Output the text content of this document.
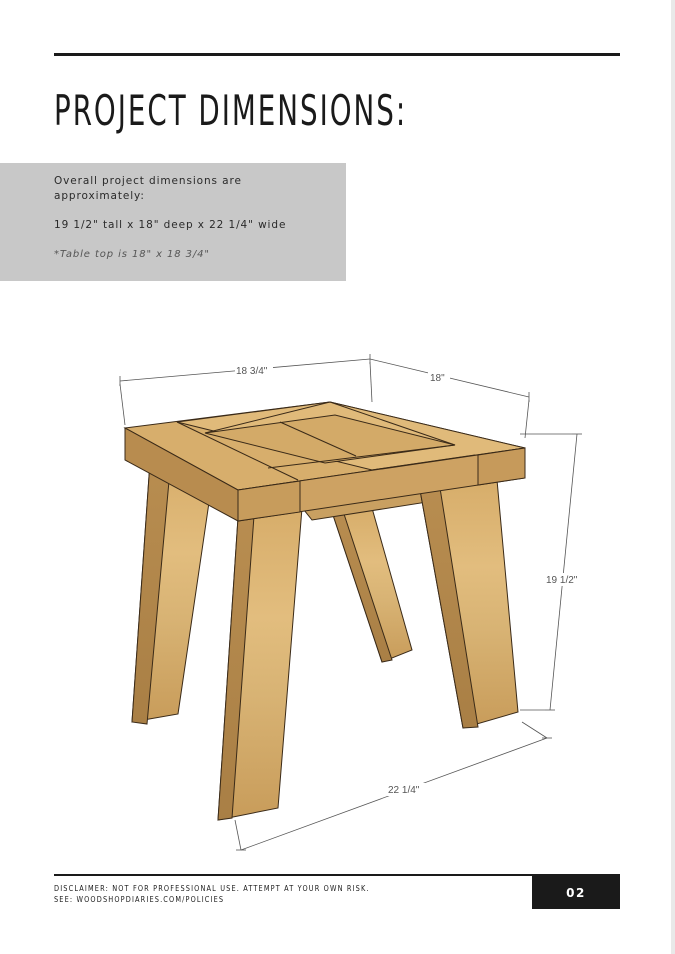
PROJECT DIMENSIONS:

Overall project dimensions are

approximately:

19 1/2" tall x 18" deep x 22 1/4" wide

*Table top is 18" x 18 3/4"

18 3/4"
18"
19 1/2"
22 1/4"

DISCLAIMER: NOT FOR PROFESSIONAL USE. ATTEMPT AT YOUR OWN RISK.

SEE: WOODSHOPDIARIES.COM/POLICIES	02
